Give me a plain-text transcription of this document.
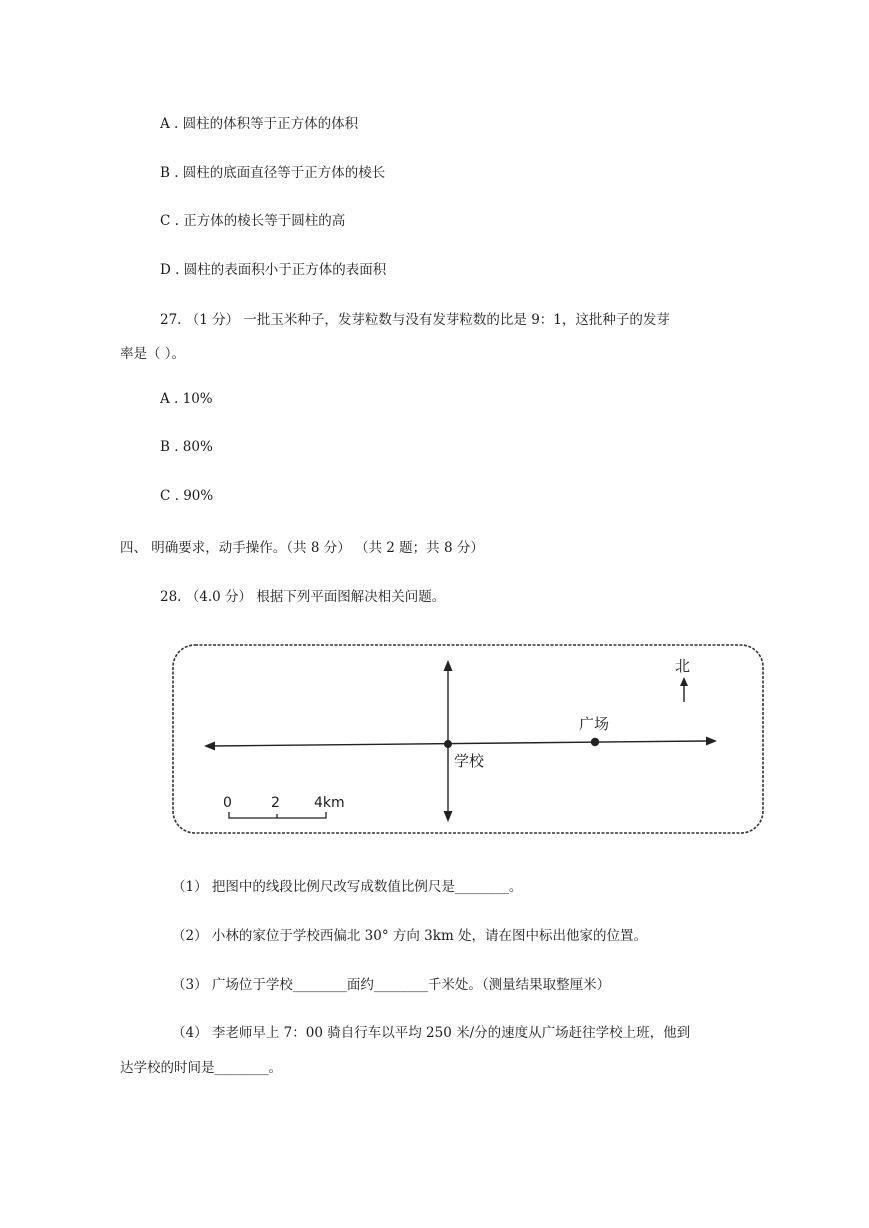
A . 圆柱的体积等于正方体的体积
B . 圆柱的底面直径等于正方体的棱长
C . 正方体的棱长等于圆柱的高
D . 圆柱的表面积小于正方体的表面积
27. （1 分） 一批玉米种子，发芽粒数与没有发芽粒数的比是 9：1，这批种子的发芽
率是（ ）。
A . 10%
B . 80%
C . 90%
四、 明确要求，动手操作。（共 8 分） （共 2 题；共 8 分）
28. （4.0 分） 根据下列平面图解决相关问题。
学校
广场
北
0	2 4km
（1） 把图中的线段比例尺改写成数值比例尺是________。
（2） 小林的家位于学校西偏北 30° 方向 3km 处，请在图中标出他家的位置。
（3） 广场位于学校________面约________千米处。（测量结果取整厘米）
（4） 李老师早上 7：00 骑自行车以平均 250 米/分的速度从广场赶往学校上班，他到
达学校的时间是________。
